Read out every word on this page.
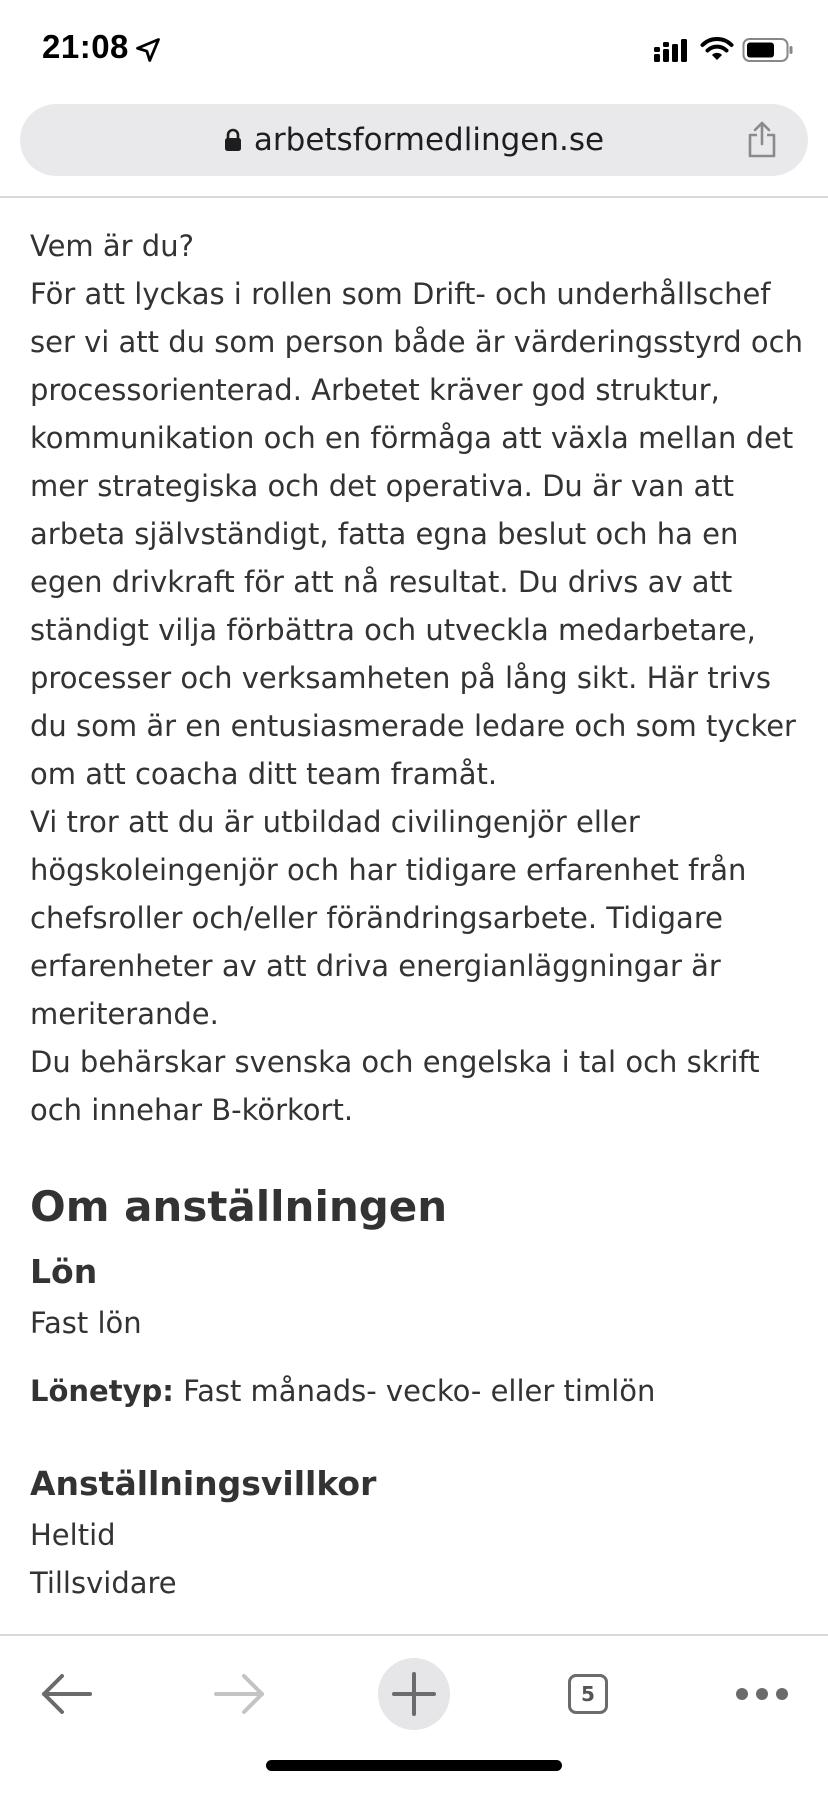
21:08
arbetsformedlingen.se

Vem är du?

För att lyckas i rollen som Drift- och underhållschef ser vi att du som person både är värderingsstyrd och processorienterad. Arbetet kräver god struktur, kommunikation och en förmåga att växla mellan det mer strategiska och det operativa. Du är van att arbeta självständigt, fatta egna beslut och ha en egen drivkraft för att nå resultat. Du drivs av att ständigt vilja förbättra och utveckla medarbetare, processer och verksamheten på lång sikt. Här trivs du som är en entusiasmerade ledare och som tycker om att coacha ditt team framåt.

Vi tror att du är utbildad civilingenjör eller högskoleingenjör och har tidigare erfarenhet från chefsroller och/eller förändringsarbete. Tidigare erfarenheter av att driva energianläggningar är meriterande.

Du behärskar svenska och engelska i tal och skrift och innehar B-körkort.

Om anställningen
Lön
Fast lön
Lönetyp: Fast månads- vecko- eller timlön
Anställningsvillkor
Heltid
Tillsvidare
5
